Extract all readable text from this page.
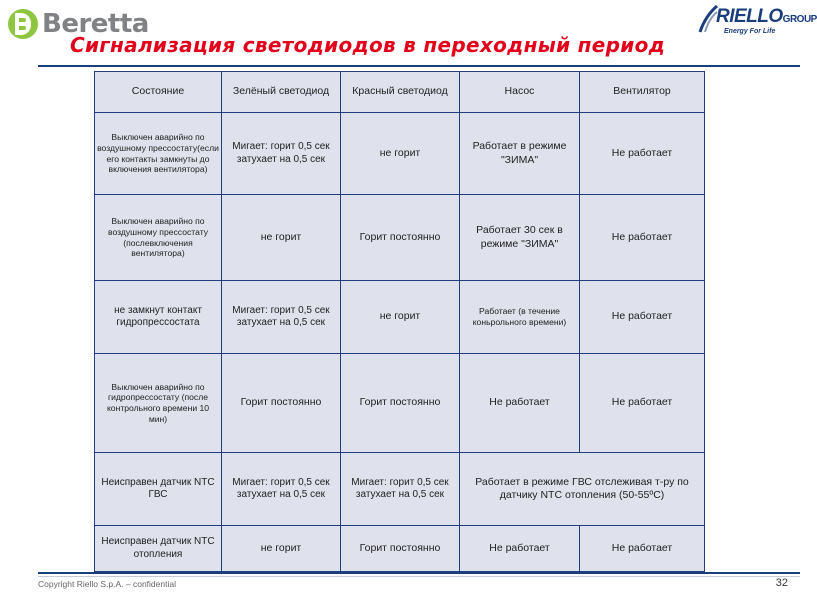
Beretta	RIELLOGROUP
Energy For Life
Сигнализация светодиодов в переходный период
Состояние	Зелёный светодиод	Красный светодиод	Насос	Вентилятор
Выключен аварийно по воздушному прессостату(если его контакты замкнуты до включения вентилятора)	Мигает: горит 0,5 сек затухает на 0,5 сек	не горит	Работает в режиме "ЗИМА"	Не работает
Выключен аварийно по воздушному прессостату (послевключения вентилятора)	не горит	Горит постоянно	Работает 30 сек в режиме "ЗИМА"	Не работает
не замкнут контакт гидропрессостата	Мигает: горит 0,5 сек затухает на 0,5 сек	не горит	Работает (в течение коньрольного времени)	Не работает
Выключен аварийно по гидропрессостату (после контрольного времени 10 мин)	Горит постоянно	Горит постоянно	Не работает	Не работает
Неисправен датчик NTC ГВС	Мигает: горит 0,5 сек затухает на 0,5 сек	Мигает: горит 0,5 сек затухает на 0,5 сек	Работает в режиме ГВС отслеживая т-ру по датчику NTC отопления (50-55ºС)	
Неисправен датчик NTC отопления	не горит	Горит постоянно	Не работает	Не работает
Copyright Riello S.p.A. – confidential	32
